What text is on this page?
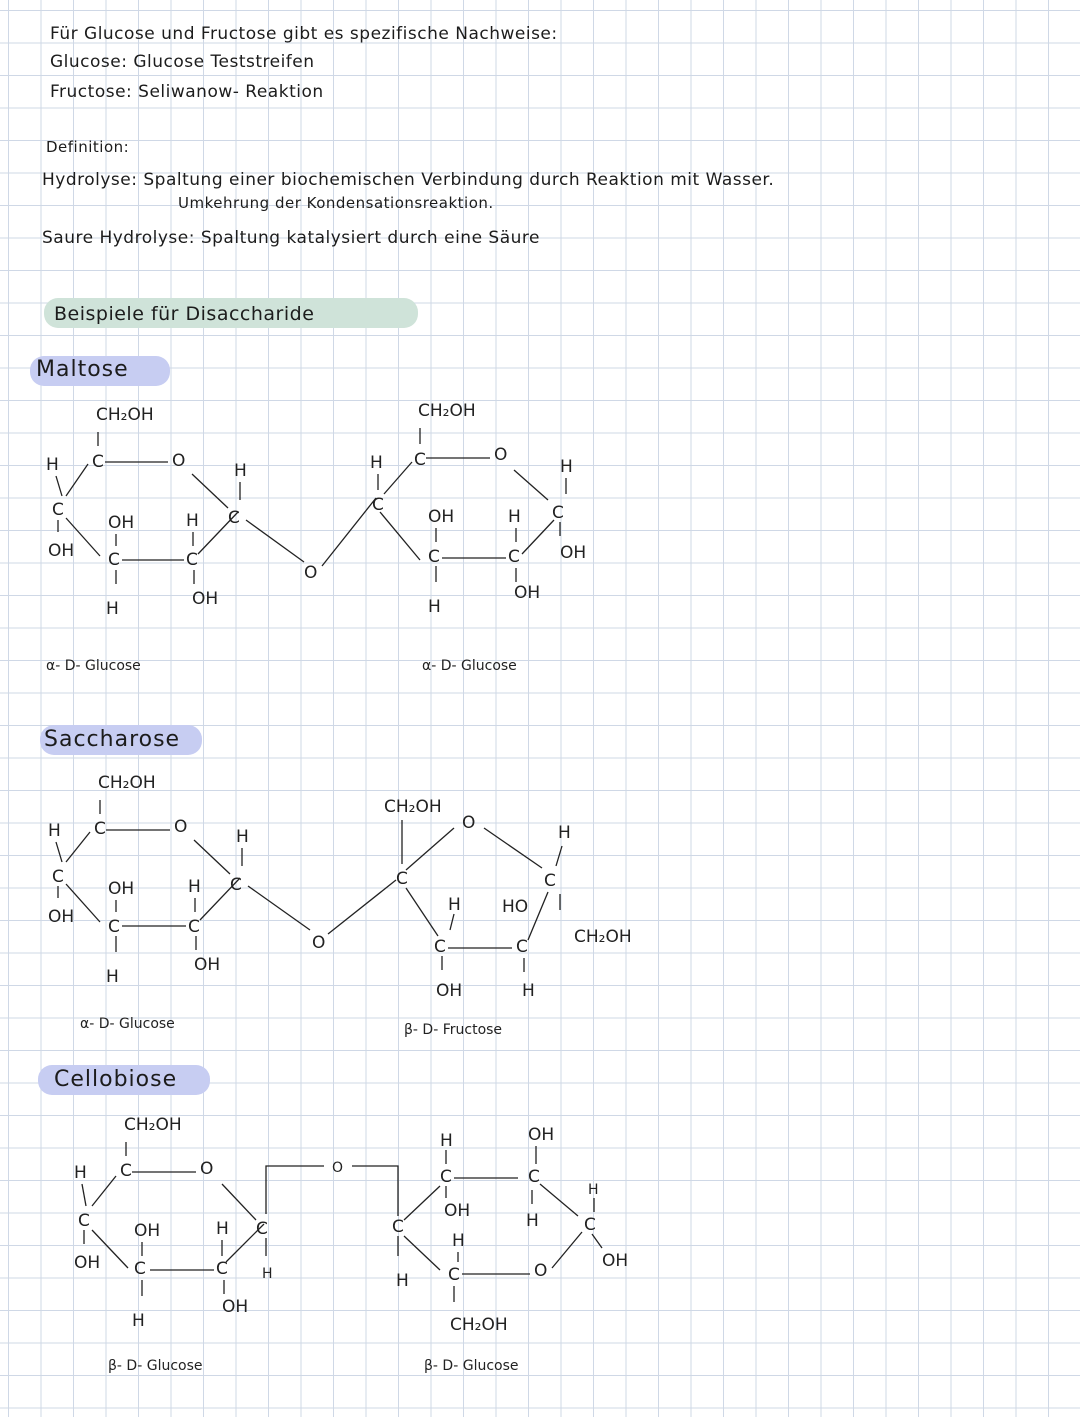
Für Glucose und Fructose gibt es spezifische Nachweise:
Glucose: Glucose Teststreifen
Fructose: Seliwanow- Reaktion
Definition:
Hydrolyse: Spaltung einer biochemischen Verbindung durch Reaktion mit Wasser.
Umkehrung der Kondensationsreaktion.
Saure Hydrolyse: Spaltung katalysiert durch eine Säure
Beispiele für Disaccharide
Maltose
Saccharose
Cellobiose
CH₂OH
C	O
H
C
OH
OH
C
H
H
C
OH
C
H
O
CH₂OH
C	O
H
C
OH
C
H
H
C
OH
C
H
OH
α- D- Glucose	α- D- Glucose
CH₂OH
C	O
H
C
OH
OH
C
H
H
C
OH
C
H
O
CH₂OH
C
O
C
H
H
C
OH
HO
C	CH₂OH
H
α- D- Glucose	β- D- Fructose
CH₂OH
C	O
H
C
OH
OH
C
H
H
C
OH
C
H
O
C
H
H
C
OH
OH
C
H
H
C
CH₂OH
O
C
H
OH
β- D- Glucose	β- D- Glucose
